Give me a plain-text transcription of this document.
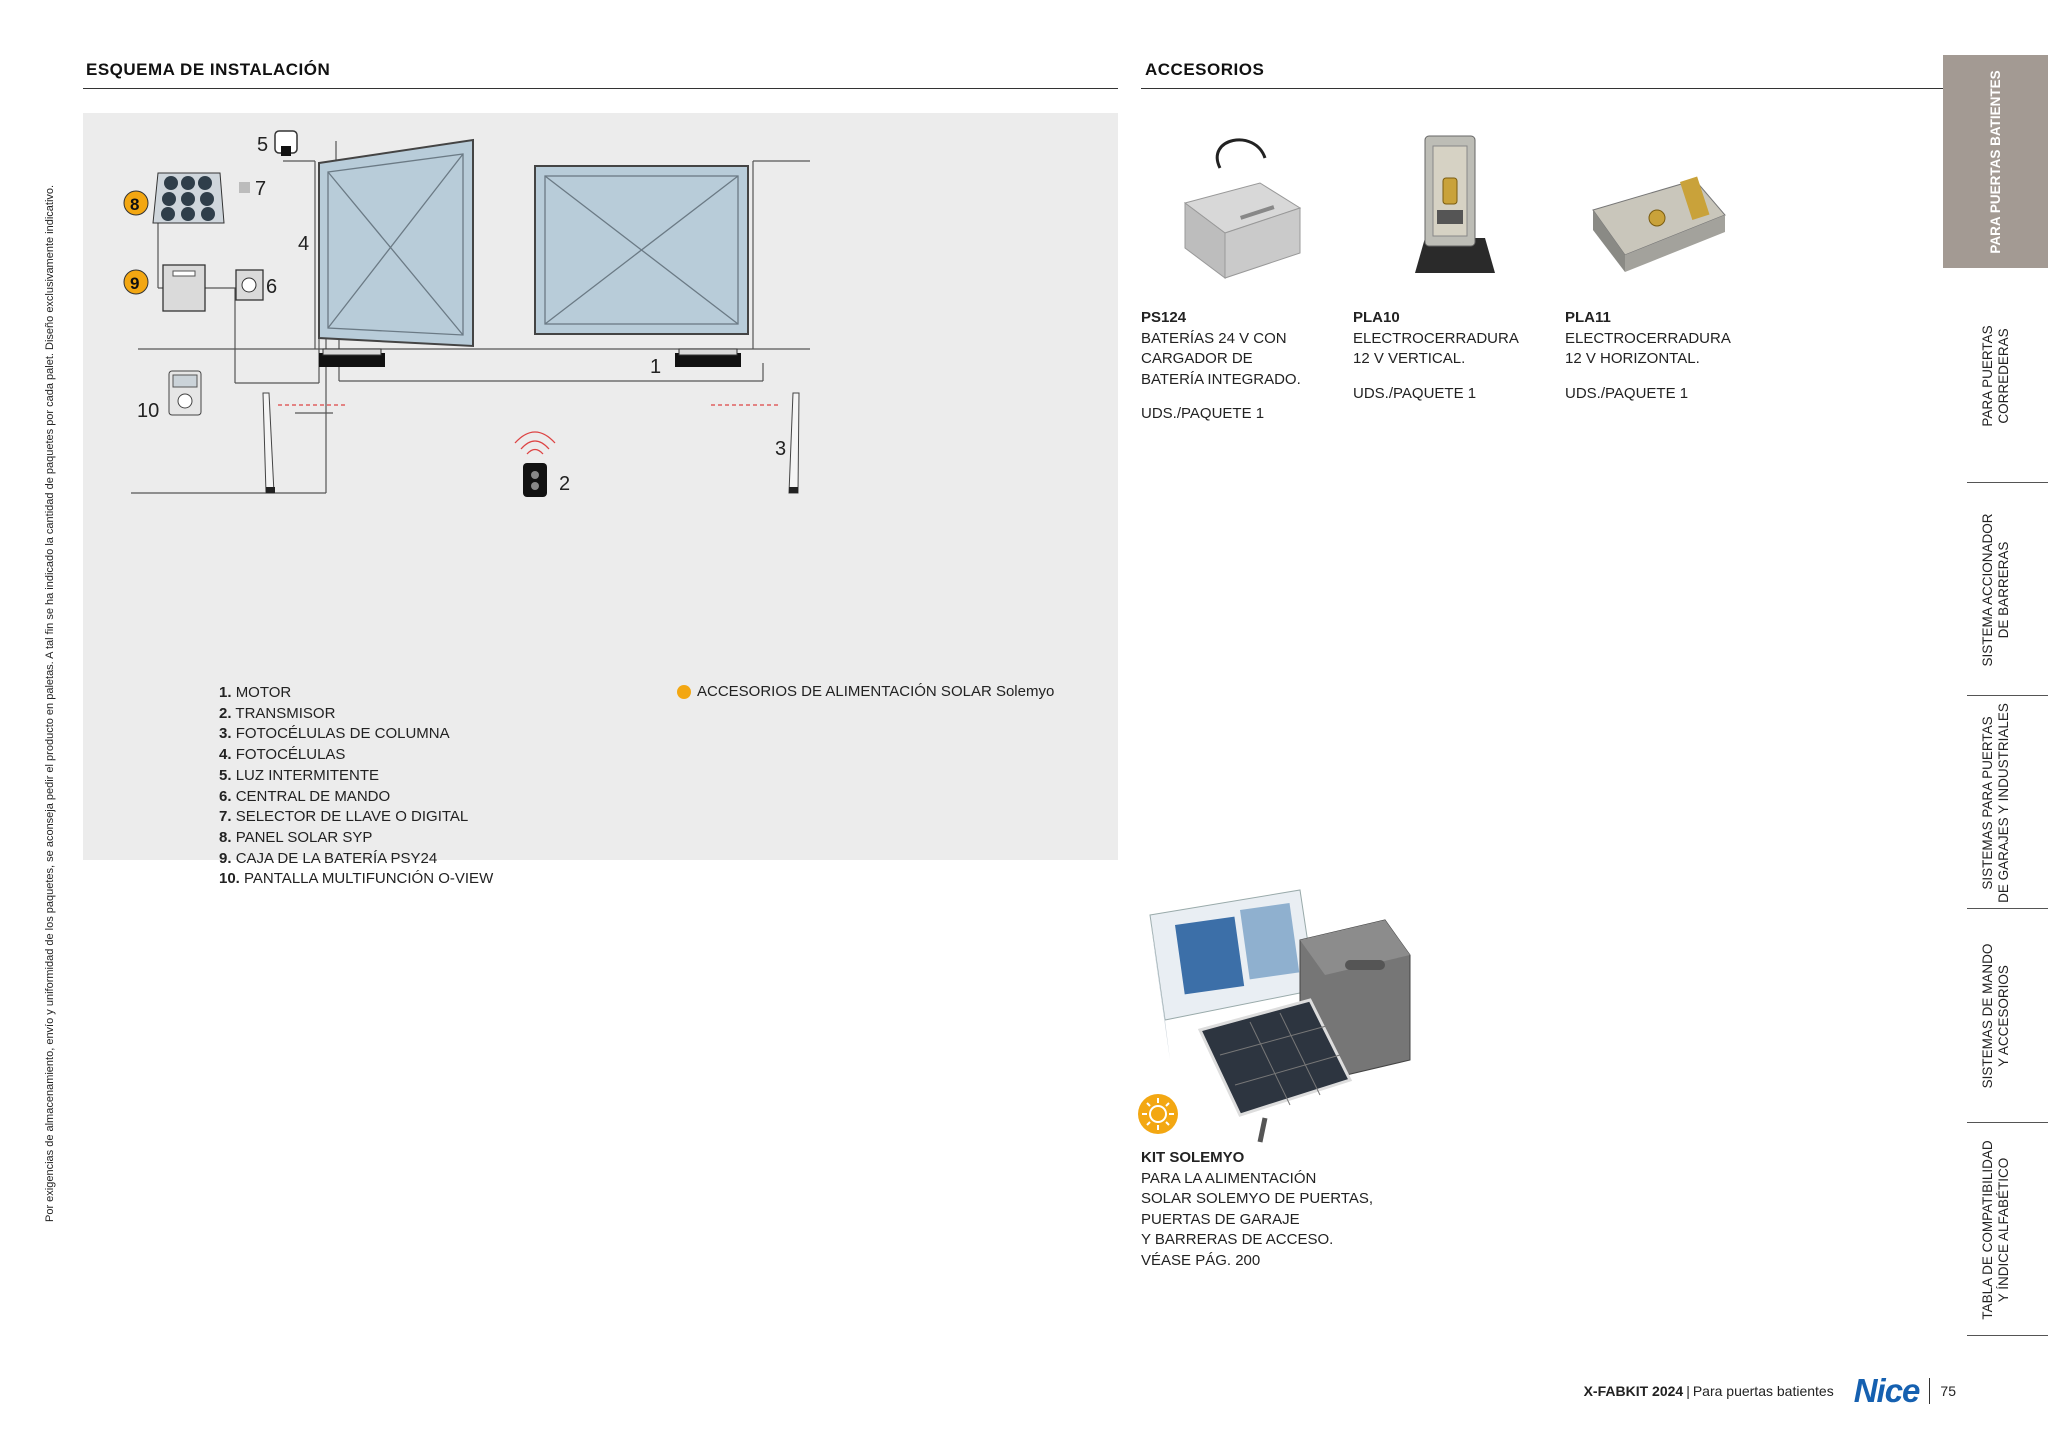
Por exigencias de almacenamiento, envío y uniformidad de los paquetes, se aconseja pedir el producto en paletas. A tal fin se ha indicado la cantidad de paquetes por cada palet. Diseño exclusivamente indicativo.
ESQUEMA DE INSTALACIÓN	ACCESORIOS
5
7
6
4
1
10
2
3
8
9
1. MOTOR
2. TRANSMISOR
3. FOTOCÉLULAS DE COLUMNA
4. FOTOCÉLULAS
5. LUZ INTERMITENTE
6. CENTRAL DE MANDO
7. SELECTOR DE LLAVE O DIGITAL
8. PANEL SOLAR SYP
9. CAJA DE LA BATERÍA PSY24
10. PANTALLA MULTIFUNCIÓN O-VIEW
ACCESORIOS DE ALIMENTACIÓN SOLAR Solemyo
PS124
BATERÍAS 24 V CON CARGADOR DE BATERÍA INTEGRADO.
UDS./PAQUETE 1
PLA10
ELECTROCERRADURA 12 V VERTICAL.
UDS./PAQUETE 1
PLA11
ELECTROCERRADURA 12 V HORIZONTAL.
UDS./PAQUETE 1
KIT SOLEMYO
PARA LA ALIMENTACIÓN
SOLAR SOLEMYO DE PUERTAS,
PUERTAS DE GARAJE
Y BARRERAS DE ACCESO.
VÉASE PÁG. 200
PARA PUERTAS BATIENTES
PARA PUERTAS CORREDERAS
SISTEMA ACCIONADOR
DE BARRERAS
SISTEMAS PARA PUERTAS
DE GARAJES Y INDUSTRIALES
SISTEMAS DE MANDO
Y ACCESORIOS
TABLA DE COMPATIBILIDAD
Y ÍNDICE ALFABÉTICO
X-FABKIT 2024 | Para puertas batientes Nice 75
